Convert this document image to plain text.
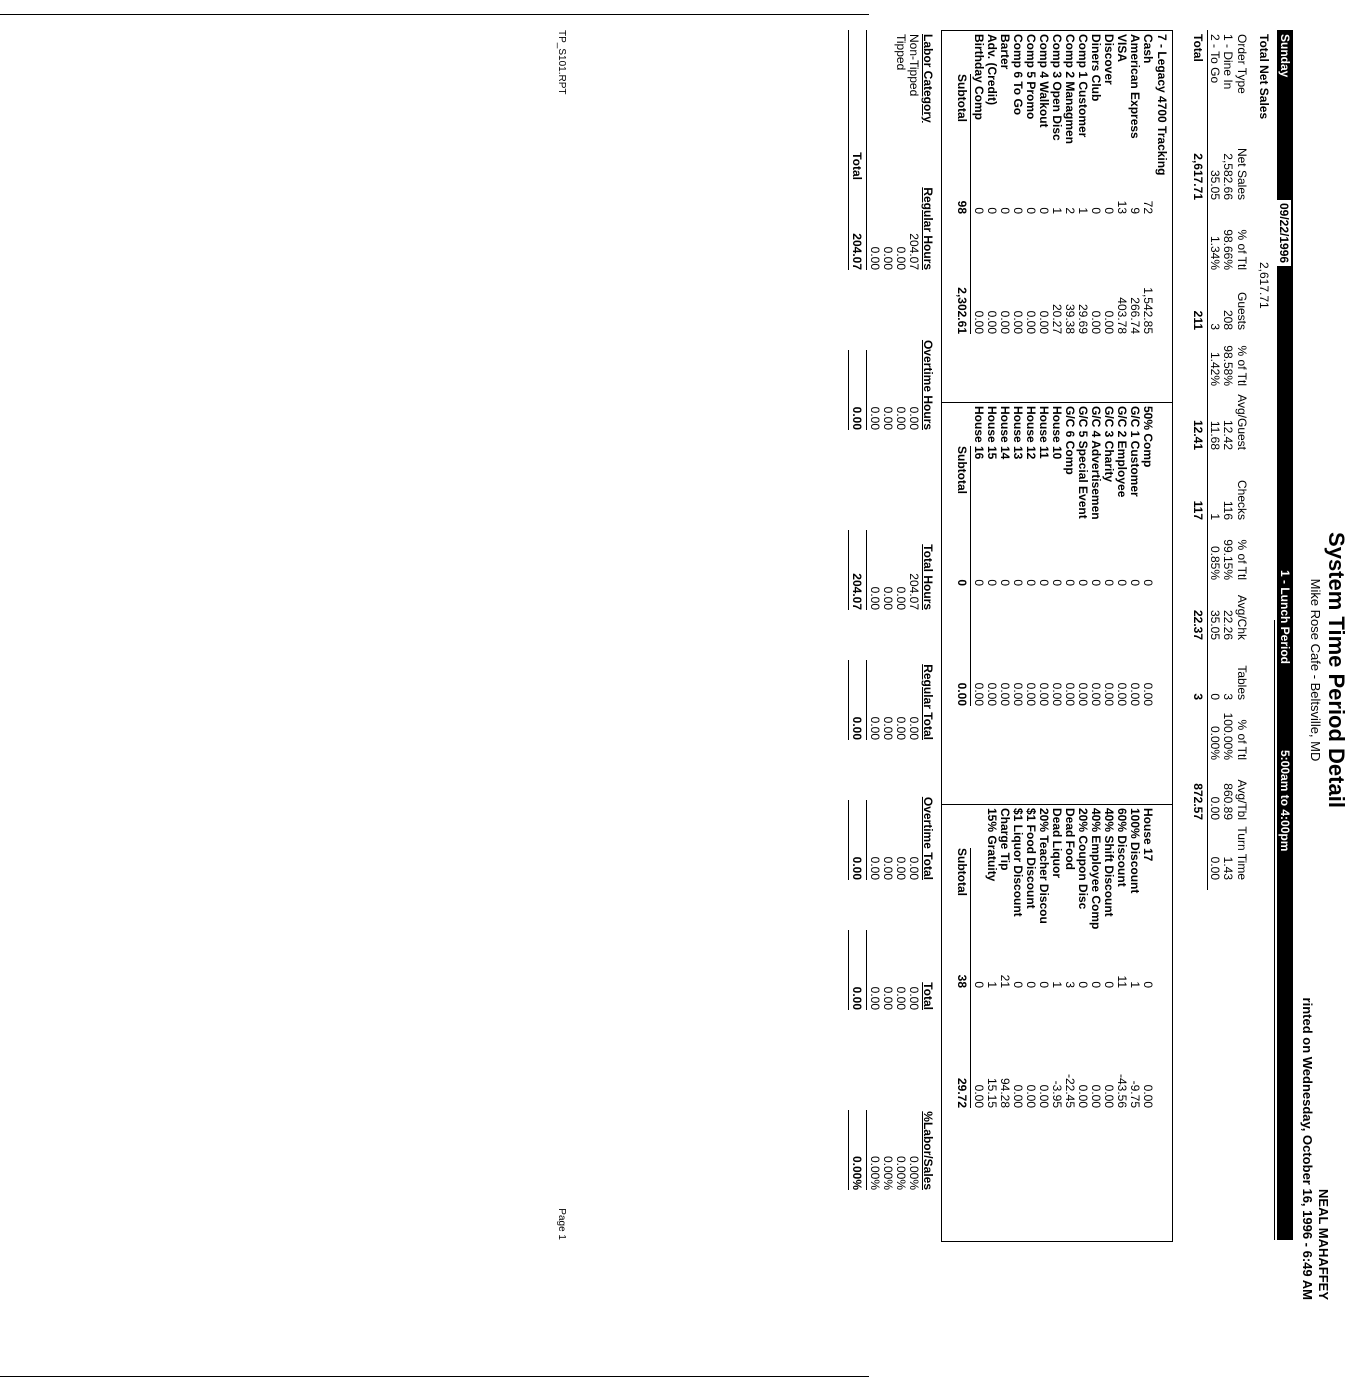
System Time Period Detail
Mike Rose Cafe - Beltsville, MD
NEAL MAHAFFEY
rinted on Wednesday, October 16, 1996 - 6:49 AM
Sunday
1 - Lunch Period
5:00am to 4:00pm
09/22/1996
Total Net Sales
2,617.71
Order Type
Net Sales
% of Ttl
Guests
% of Ttl
Avg/Guest
Checks
% of Ttl
Avg/Chk
Tables
% of Ttl
Avg/Tbl
Turn Time
1 - Dine In
2,582.66
98.66%
208
98.58%
12.42
116
99.15%
22.26
3
100.00%
860.89
1.43
2 - To Go
35.05
1.34%
3
1.42%
11.68
1
0.85%
35.05
0
0.00%
0.00
0.00
Total
2,617.71
211
12.41
117
22.37
3
872.57
7 - Legacy 4700 Tracking
Cash
72
1,542.85
American Express
9
266.74
VISA
13
403.78
Discover
0
0.00
Diners Club
0
0.00
Comp 1 Customer
1
29.69
Comp 2 Managmen
2
39.38
Comp 3 Open Disc
1
20.27
Comp 4 Walkout
0
0.00
Comp 5 Promo
0
0.00
Comp 6 To Go
0
0.00
Barter
0
0.00
Adv. (Credit)
0
0.00
Birthday Comp
0
0.00
Subtotal
98
2,302.61
50% Comp
0
0.00
G/C 1 Customer
0
0.00
G/C 2 Employee
0
0.00
G/C 3 Charity
0
0.00
G/C 4 Advertisemen
0
0.00
G/C 5 Special Event
0
0.00
G/C 6 Comp
0
0.00
House 10
0
0.00
House 11
0
0.00
House 12
0
0.00
House 13
0
0.00
House 14
0
0.00
House 15
0
0.00
House 16
0
0.00
Subtotal
0
0.00
House 17
0
0.00
100% Discount
1
-9.75
60% Discount
11
-43.56
40% Shift Discount
0
0.00
40% Employee Comp
0
0.00
20% Coupon Disc
0
0.00
Dead Food
3
-22.45
Dead Liquor
1
-3.95
20% Teacher Discou
0
0.00
$1 Food Discount
0
0.00
$1 Liquor Discount
0
0.00
Charge Tip
21
94.28
15% Gratuity
1
15.15
0
0.00
Subtotal
38
29.72
Labor Category
Regular Hours
Overtime Hours
Total Hours
Regular Total
Overtime Total
Total
%Labor/Sales
Non-Tipped
204.07
0.00
204.07
0.00
0.00
0.00
0.00%
Tipped
0.00
0.00
0.00
0.00
0.00
0.00
0.00%
0.00
0.00
0.00
0.00
0.00
0.00
0.00%
0.00
0.00
0.00
0.00
0.00
0.00
0.00%
Total
204.07
0.00
204.07
0.00
0.00
0.00
0.00%
TP_S101.RPT
Page 1
